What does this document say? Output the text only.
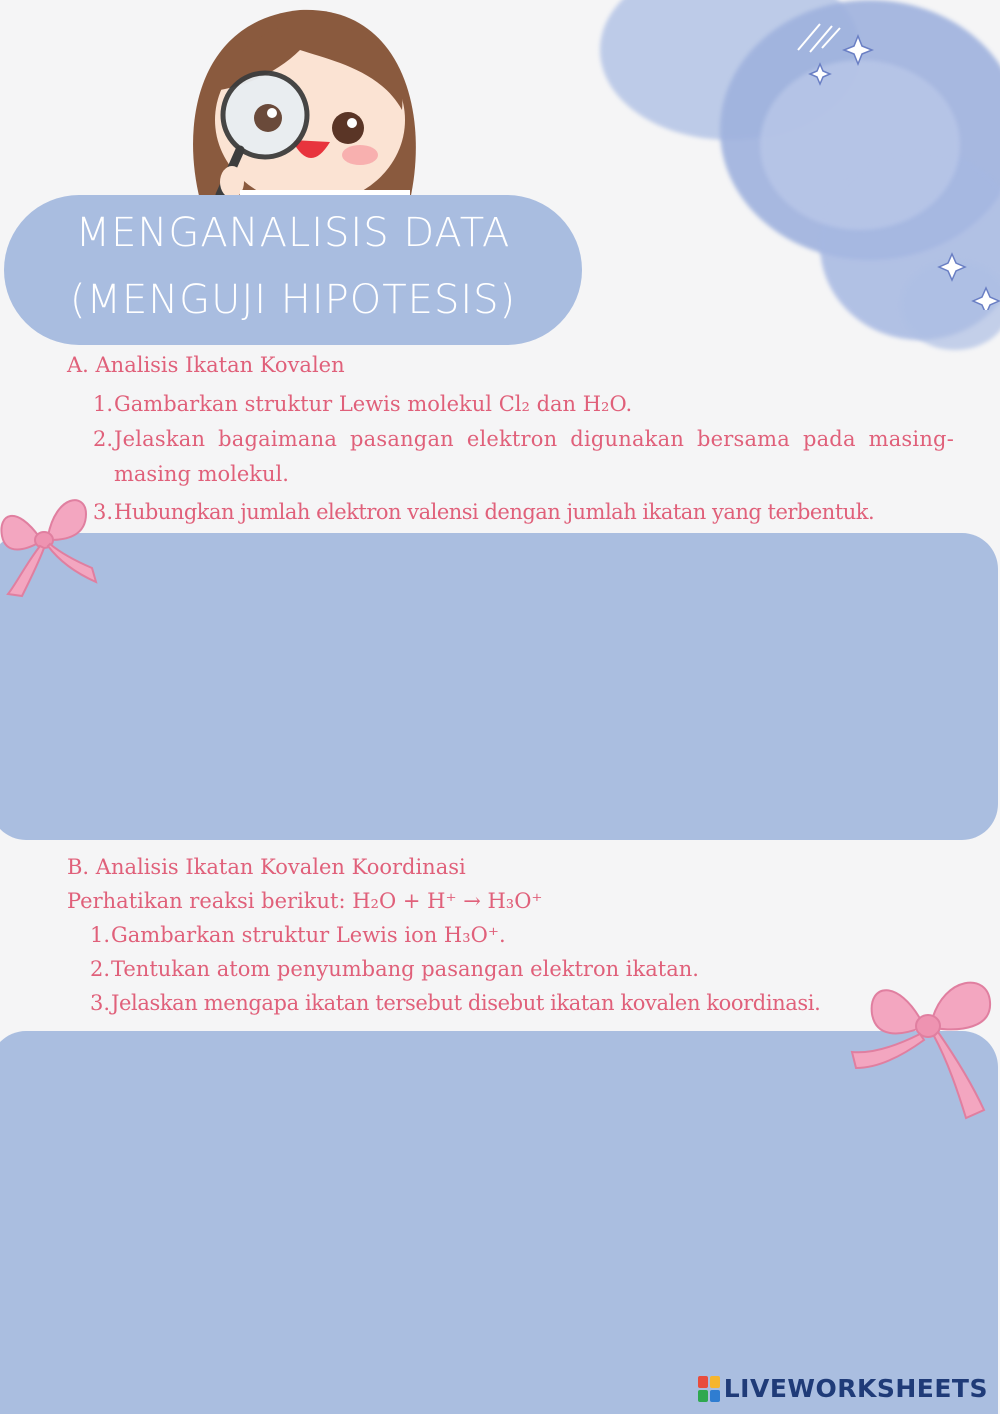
MENGANALISIS DATA
(MENGUJI HIPOTESIS)
A. Analisis Ikatan Kovalen
1. Gambarkan struktur Lewis molekul Cl₂ dan H₂O.
2. Jelaskan bagaimana pasangan elektron digunakan bersama pada masing-
masing molekul.
3. Hubungkan jumlah elektron valensi dengan jumlah ikatan yang terbentuk.
B. Analisis Ikatan Kovalen Koordinasi
Perhatikan reaksi berikut: H₂O + H⁺ → H₃O⁺
1. Gambarkan struktur Lewis ion H₃O⁺.
2. Tentukan atom penyumbang pasangan elektron ikatan.
3. Jelaskan mengapa ikatan tersebut disebut ikatan kovalen koordinasi.
LIVEWORKSHEETS
